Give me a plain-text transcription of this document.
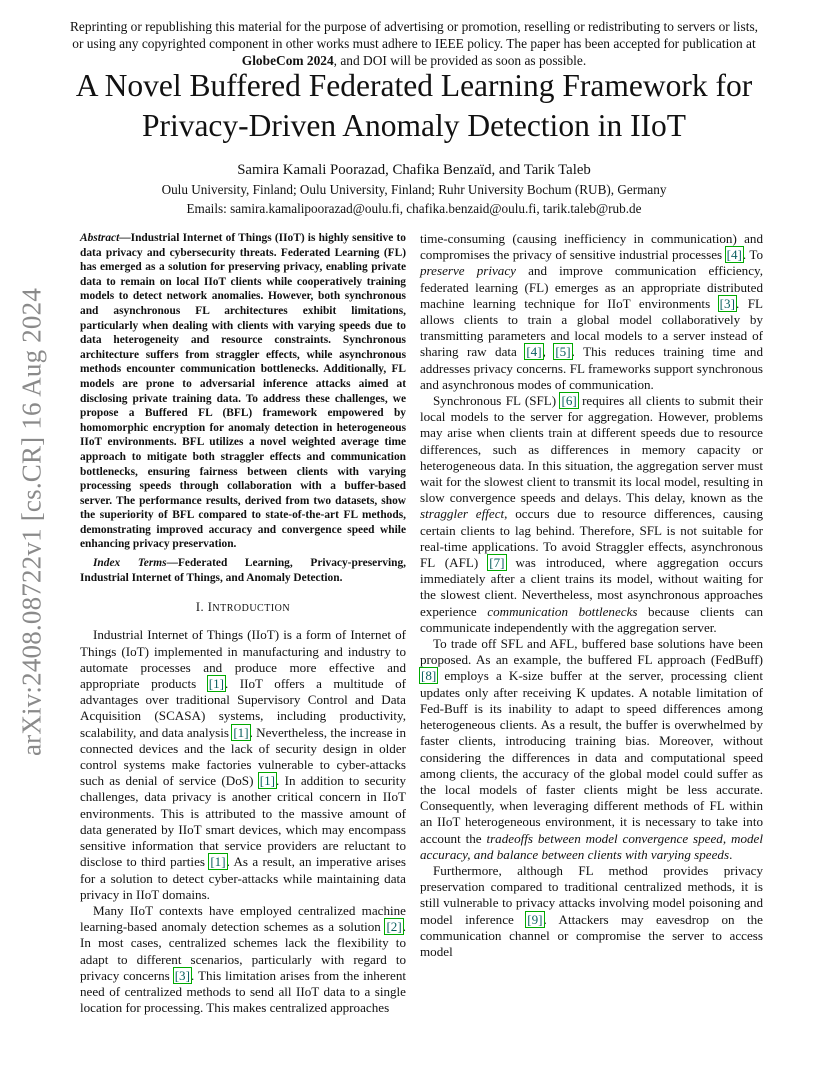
arXiv:2408.08722v1 [cs.CR] 16 Aug 2024
Reprinting or republishing this material for the purpose of advertising or promotion, reselling or redistributing to servers or lists, or using any copyrighted component in other works must adhere to IEEE policy. The paper has been accepted for publication at GlobeCom 2024, and DOI will be provided as soon as possible.
A Novel Buffered Federated Learning Framework for Privacy-Driven Anomaly Detection in IIoT
Samira Kamali Poorazad, Chafika Benzaïd, and Tarik Taleb
Oulu University, Finland; Oulu University, Finland; Ruhr University Bochum (RUB), Germany
Emails: samira.kamalipoorazad@oulu.fi, chafika.benzaid@oulu.fi, tarik.taleb@rub.de

Abstract—Industrial Internet of Things (IIoT) is highly sensitive to data privacy and cybersecurity threats. Federated Learning (FL) has emerged as a solution for preserving privacy, enabling private data to remain on local IIoT clients while cooperatively training models to detect network anomalies. However, both synchronous and asynchronous FL architectures exhibit limitations, particularly when dealing with clients with varying speeds due to data heterogeneity and resource constraints. Synchronous architecture suffers from straggler effects, while asynchronous methods encounter communication bottlenecks. Additionally, FL models are prone to adversarial inference attacks aimed at disclosing private training data. To address these challenges, we propose a Buffered FL (BFL) framework empowered by homomorphic encryption for anomaly detection in heterogeneous IIoT environments. BFL utilizes a novel weighted average time approach to mitigate both straggler effects and communication bottlenecks, ensuring fairness between clients with varying processing speeds through collaboration with a buffer-based server. The performance results, derived from two datasets, show the superiority of BFL compared to state-of-the-art FL methods, demonstrating improved accuracy and convergence speed while enhancing privacy preservation.

Index Terms—Federated Learning, Privacy-preserving, Industrial Internet of Things, and Anomaly Detection.

I. INTRODUCTION

Industrial Internet of Things (IIoT) is a form of Internet of Things (IoT) implemented in manufacturing and industry to automate processes and produce more effective and appropriate products [1]. IIoT offers a multitude of advantages over traditional Supervisory Control and Data Acquisition (SCASA) systems, including productivity, scalability, and data analysis [1]. Nevertheless, the increase in connected devices and the lack of security design in older control systems make factories vulnerable to cyber-attacks such as denial of service (DoS) [1]. In addition to security challenges, data privacy is another critical concern in IIoT environments. This is attributed to the massive amount of data generated by IIoT smart devices, which may encompass sensitive information that service providers are reluctant to disclose to third parties [1]. As a result, an imperative arises for a solution to detect cyber-attacks while maintaining data privacy in IIoT domains.

Many IIoT contexts have employed centralized machine learning-based anomaly detection schemes as a solution [2]. In most cases, centralized schemes lack the flexibility to adapt to different scenarios, particularly with regard to privacy concerns [3]. This limitation arises from the inherent need of centralized methods to send all IIoT data to a single location for processing. This makes centralized approaches

time-consuming (causing inefficiency in communication) and compromises the privacy of sensitive industrial processes [4]. To preserve privacy and improve communication efficiency, federated learning (FL) emerges as an appropriate distributed machine learning technique for IIoT environments [3]. FL allows clients to train a global model collaboratively by transmitting parameters and local models to a server instead of sharing raw data [4], [5]. This reduces training time and addresses privacy concerns. FL frameworks support synchronous and asynchronous modes of communication.

Synchronous FL (SFL) [6] requires all clients to submit their local models to the server for aggregation. However, problems may arise when clients train at different speeds due to resource differences, such as differences in memory capacity or heterogeneous data. In this situation, the aggregation server must wait for the slowest client to transmit its local model, resulting in slow convergence speeds and delays. This delay, known as the straggler effect, occurs due to resource differences, causing certain clients to lag behind. Therefore, SFL is not suitable for real-time applications. To avoid Straggler effects, asynchronous FL (AFL) [7] was introduced, where aggregation occurs immediately after a client trains its model, without waiting for the slowest client. Nevertheless, most asynchronous approaches experience communication bottlenecks because clients can communicate independently with the aggregation server.

To trade off SFL and AFL, buffered base solutions have been proposed. As an example, the buffered FL approach (FedBuff) [8] employs a K-size buffer at the server, processing client updates only after receiving K updates. A notable limitation of Fed-Buff is its inability to adapt to speed differences among heterogeneous clients. As a result, the buffer is overwhelmed by faster clients, introducing training bias. Moreover, without considering the differences in data and computational speed among clients, the accuracy of the global model could suffer as the local models of faster clients might be less accurate. Consequently, when leveraging different methods of FL within an IIoT heterogeneous environment, it is necessary to take into account the tradeoffs between model convergence speed, model accuracy, and balance between clients with varying speeds.

Furthermore, although FL method provides privacy preservation compared to traditional centralized methods, it is still vulnerable to privacy attacks involving model poisoning and model inference [9]. Attackers may eavesdrop on the communication channel or compromise the server to access model
